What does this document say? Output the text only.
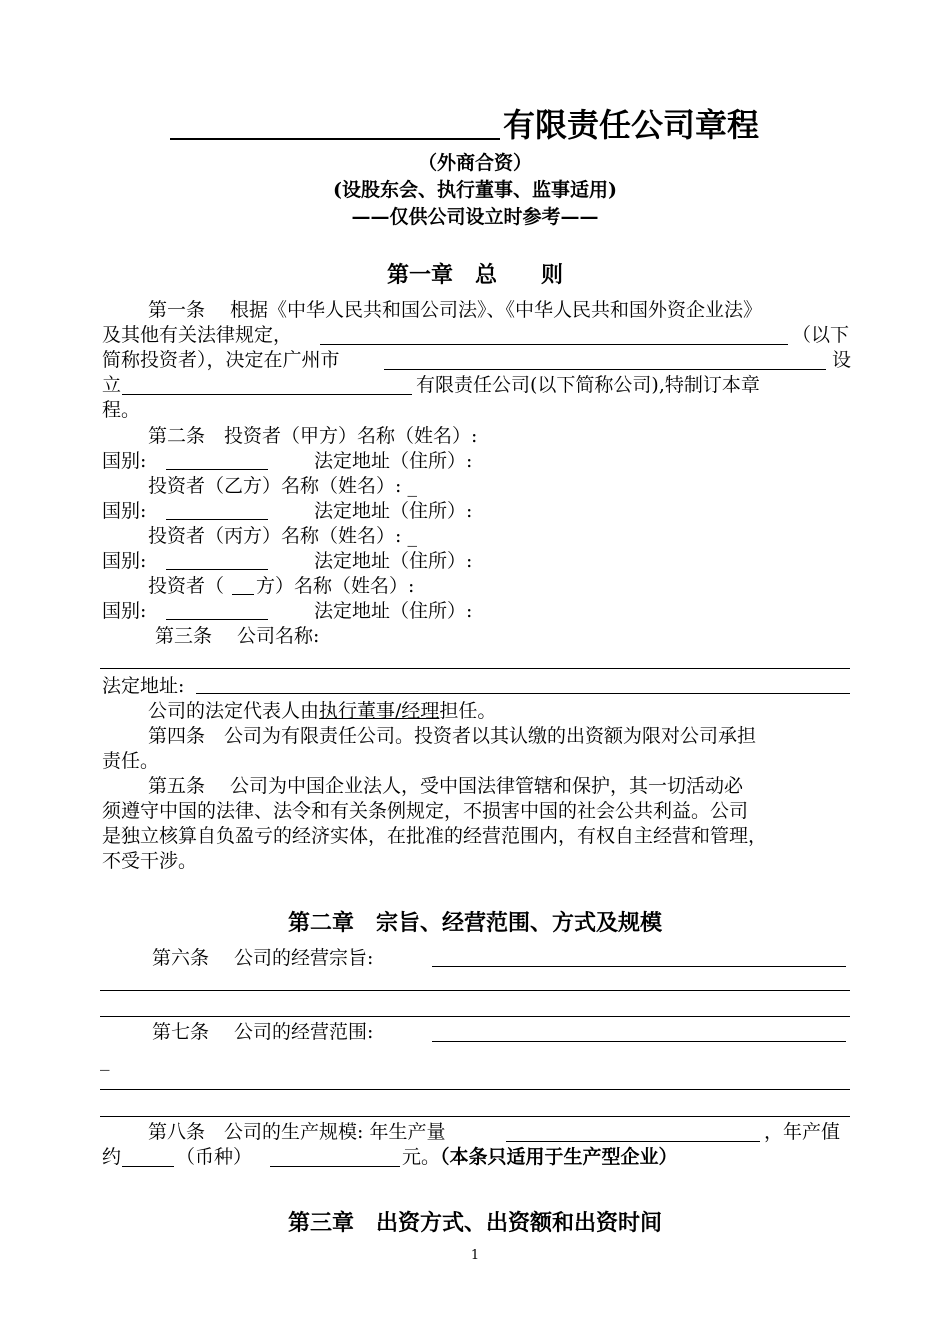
有限责任公司章程
（外商合资）
(设股东会、执行董事、监事适用)
——仅供公司设立时参考——
第一章　总　　则
第一条　 根据《中华人民共和国公司法》、《中华人民共和国外资企业法》
及其他有关法律规定，	（以下
简称投资者），决定在广州市	设
立	有限责任公司(以下简称公司),特制订本章
程。
第二条　投资者（甲方）名称（姓名）:
国别:	法定地址（住所）:
投资者（乙方）名称（姓名）: _
国别:	法定地址（住所）:
投资者（丙方）名称（姓名）: _
国别:	法定地址（住所）:
投资者（ 方）名称（姓名）:
国别:	法定地址（住所）:
第三条　 公司名称:
法定地址:
公司的法定代表人由执行董事/经理担任。
第四条　公司为有限责任公司。投资者以其认缴的出资额为限对公司承担
责任。
第五条　 公司为中国企业法人，受中国法律管辖和保护，其一切活动必
须遵守中国的法律、法令和有关条例规定，不损害中国的社会公共利益。公司
是独立核算自负盈亏的经济实体，在批准的经营范围内，有权自主经营和管理，
不受干涉。
第二章　宗旨、经营范围、方式及规模
第六条　 公司的经营宗旨:
第七条　 公司的经营范围:
_
第八条　公司的生产规模: 年生产量	，年产值
约	（币种）	元。（本条只适用于生产型企业）
第三章　出资方式、出资额和出资时间
1
